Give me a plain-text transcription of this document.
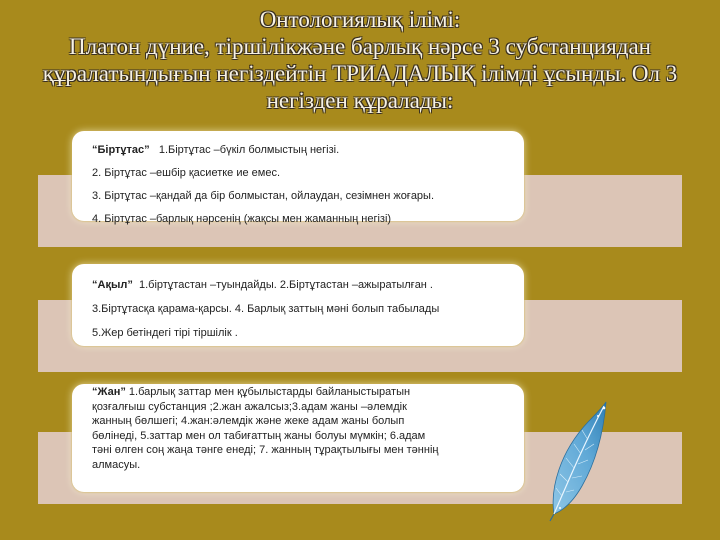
Онтологиялық ілімі:
Платон дүние, тіршілікжәне барлық нәрсе 3 субстанциядан
құралатындығын негіздейтін ТРИАДАЛЫҚ ілімді ұсынды. Ол 3
негізден құралады:

“Біртұтас” 1.Біртұтас –бүкіл болмыстың негізі.

2. Біртұтас –ешбір қасиетке ие емес.

3. Біртұтас –қандай да бір болмыстан, ойлаудан, сезімнен жоғары.

4. Біртұтас –барлық нәрсенің (жақсы мен жаманның негізі)

“Ақыл” 1.біртұтастан –туындайды. 2.Біртұтастан –ажыратылған .

3.Біртұтасқа қарама-қарсы. 4. Барлық заттың мәні болып табылады

5.Жер бетіндегі тірі тіршілік .

“Жан” 1.барлық заттар мен құбылыстарды байланыстыратын

қозғалғыш субстанция ;2.жан ажалсыз;3.адам жаны –әлемдік

жанның бөлшегі; 4.жан:әлемдік және жеке адам жаны болып

бөлінеді, 5.заттар мен ол табиғаттың жаны болуы мүмкін; 6.адам

тәні өлген соң жаңа тәнге енеді; 7. жанның тұрақтылығы мен тәннің

алмасуы.
